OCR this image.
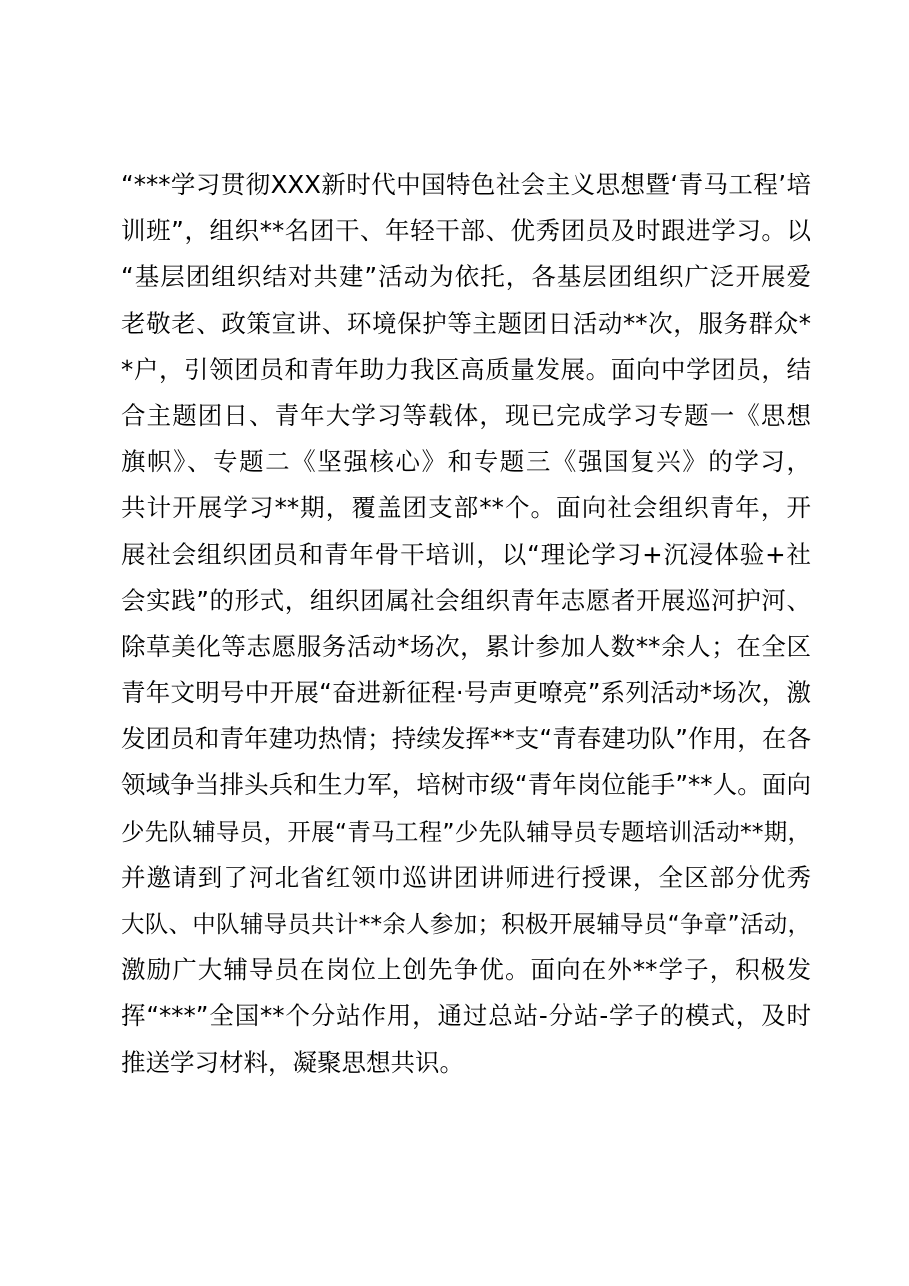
“***学习贯彻XXX新时代中国特色社会主义思想暨‘青马工程’培
训班”，组织**名团干、年轻干部、优秀团员及时跟进学习。以
“基层团组织结对共建”活动为依托，各基层团组织广泛开展爱
老敬老、政策宣讲、环境保护等主题团日活动**次，服务群众*
*户，引领团员和青年助力我区高质量发展。面向中学团员，结
合主题团日、青年大学习等载体，现已完成学习专题一《思想
旗帜》、专题二《坚强核心》和专题三《强国复兴》的学习，
共计开展学习**期，覆盖团支部**个。面向社会组织青年，开
展社会组织团员和青年骨干培训，以“理论学习+沉浸体验+社
会实践”的形式，组织团属社会组织青年志愿者开展巡河护河、
除草美化等志愿服务活动*场次，累计参加人数**余人；在全区
青年文明号中开展“奋进新征程·号声更嘹亮”系列活动*场次，激
发团员和青年建功热情；持续发挥**支“青春建功队”作用，在各
领域争当排头兵和生力军，培树市级“青年岗位能手”**人。面向
少先队辅导员，开展“青马工程”少先队辅导员专题培训活动**期，
并邀请到了河北省红领巾巡讲团讲师进行授课，全区部分优秀
大队、中队辅导员共计**余人参加；积极开展辅导员“争章”活动，
激励广大辅导员在岗位上创先争优。面向在外**学子，积极发
挥“***”全国**个分站作用，通过总站-分站-学子的模式，及时
推送学习材料，凝聚思想共识。
